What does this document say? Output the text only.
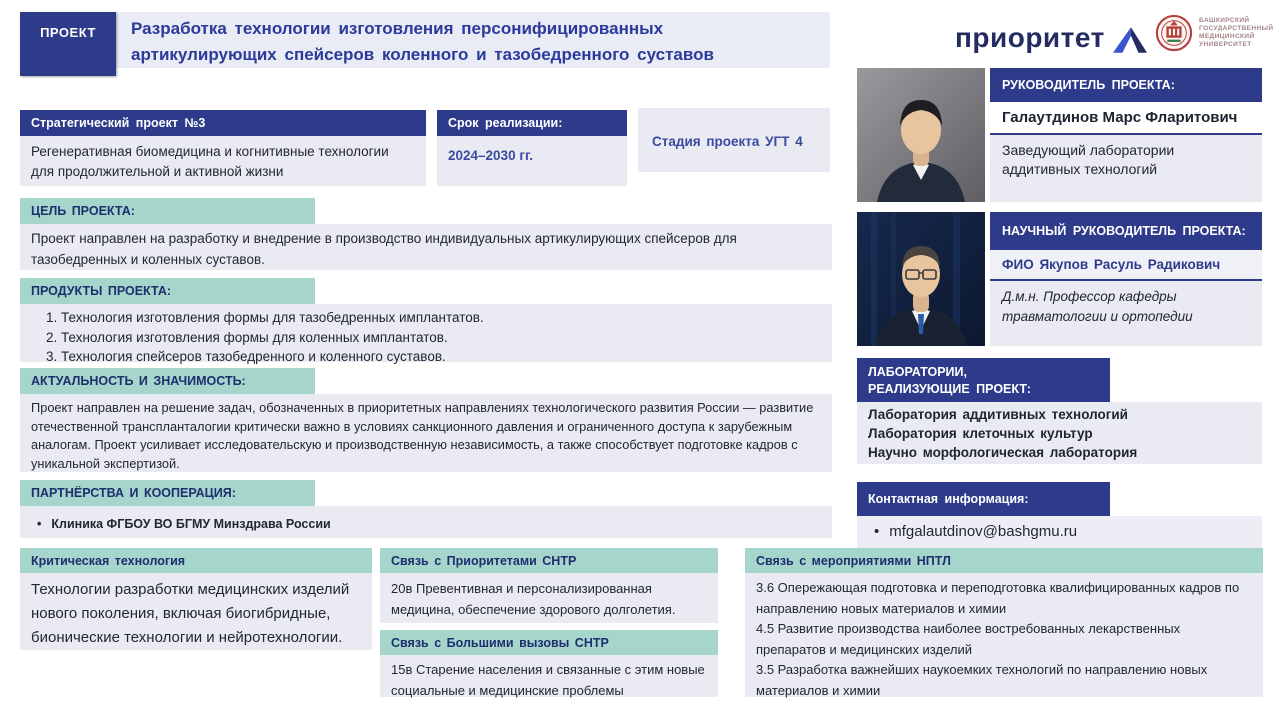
Разработка технологии изготовления персонифицированных
артикулирующих спейсеров коленного и тазобедренного суставов
ПРОЕКТ	приоритет
БАШКИРСКИЙ
ГОСУДАРСТВЕННЫЙ
МЕДИЦИНСКИЙ
УНИВЕРСИТЕТ
Стратегический проект №3
Регенеративная биомедицина и когнитивные технологии для продолжительной и активной жизни
Срок реализации:
2024–2030 гг.
Стадия проекта УГТ 4
ЦЕЛЬ ПРОЕКТА:
Проект направлен на разработку и внедрение в производство индивидуальных артикулирующих спейсеров для тазобедренных и коленных суставов.
ПРОДУКТЫ ПРОЕКТА:
1. Технология изготовления формы для тазобедренных имплантатов.
2. Технология изготовления формы для коленных имплантатов.
3. Технология спейсеров тазобедренного и коленного суставов.
АКТУАЛЬНОСТЬ И ЗНАЧИМОСТЬ:
Проект направлен на решение задач, обозначенных в приоритетных направлениях технологического развития России — развитие отечественной транспланталогии критически важно в условиях санкционного давления и ограниченного доступа к зарубежным аналогам. Проект усиливает исследовательскую и производственную независимость, а также способствует подготовке кадров с уникальной экспертизой.
ПАРТНЁРСТВА И КООПЕРАЦИЯ:
• Клиника ФГБОУ ВО БГМУ Минздрава России
Критическая технология
Технологии разработки медицинских изделий нового поколения, включая биогибридные, бионические технологии и нейротехнологии.
Связь с Приоритетами СНТР
20в Превентивная и персонализированная медицина, обеспечение здорового долголетия.
Связь с Большими вызовы СНТР
15в Старение населения и связанные с этим новые социальные и медицинские проблемы
Связь с мероприятиями НПТЛ
3.6 Опережающая подготовка и переподготовка квалифицированных кадров по направлению новых материалов и химии
4.5 Развитие производства наиболее востребованных лекарственных препаратов и медицинских изделий
3.5 Разработка важнейших наукоемких технологий по направлению новых материалов и химии
РУКОВОДИТЕЛЬ ПРОЕКТА:
Галаутдинов Марс Фларитович
Заведующий лаборатории аддитивных технологий
НАУЧНЫЙ РУКОВОДИТЕЛЬ ПРОЕКТА:
ФИО Якупов Расуль Радикович
Д.м.н. Профессор кафедры травматологии и ортопедии
ЛАБОРАТОРИИ,
РЕАЛИЗУЮЩИЕ ПРОЕКТ:
Лаборатория аддитивных технологий
Лаборатория клеточных культур
Научно морфологическая лаборатория
Контактная информация:
• mfgalautdinov@bashgmu.ru
